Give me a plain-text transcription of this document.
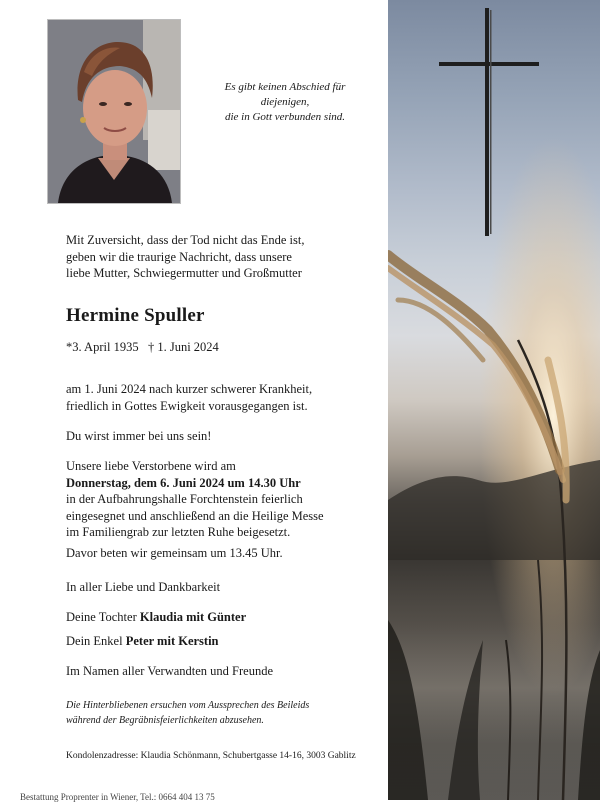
Es gibt keinen Abschied für
diejenigen,
die in Gott verbunden sind.
Mit Zuversicht, dass der Tod nicht das Ende ist,
geben wir die traurige Nachricht, dass unsere
liebe Mutter, Schwiegermutter und Großmutter
Hermine Spuller
*3. April 1935 † 1. Juni 2024
am 1. Juni 2024 nach kurzer schwerer Krankheit,
friedlich in Gottes Ewigkeit vorausgegangen ist.
Du wirst immer bei uns sein!
Unsere liebe Verstorbene wird am
Donnerstag, dem 6. Juni 2024 um 14.30 Uhr
in der Aufbahrungshalle Forchtenstein feierlich
eingesegnet und anschließend an die Heilige Messe
im Familiengrab zur letzten Ruhe beigesetzt.
Davor beten wir gemeinsam um 13.45 Uhr.
In aller Liebe und Dankbarkeit
Deine Tochter Klaudia mit Günter
Dein Enkel Peter mit Kerstin
Im Namen aller Verwandten und Freunde
Die Hinterbliebenen ersuchen vom Aussprechen des Beileids
während der Begräbnisfeierlichkeiten abzusehen.
Kondolenzadresse: Klaudia Schönmann, Schubertgasse 14-16, 3003 Gablitz
Bestattung Proprenter in Wiener, Tel.: 0664 404 13 75
